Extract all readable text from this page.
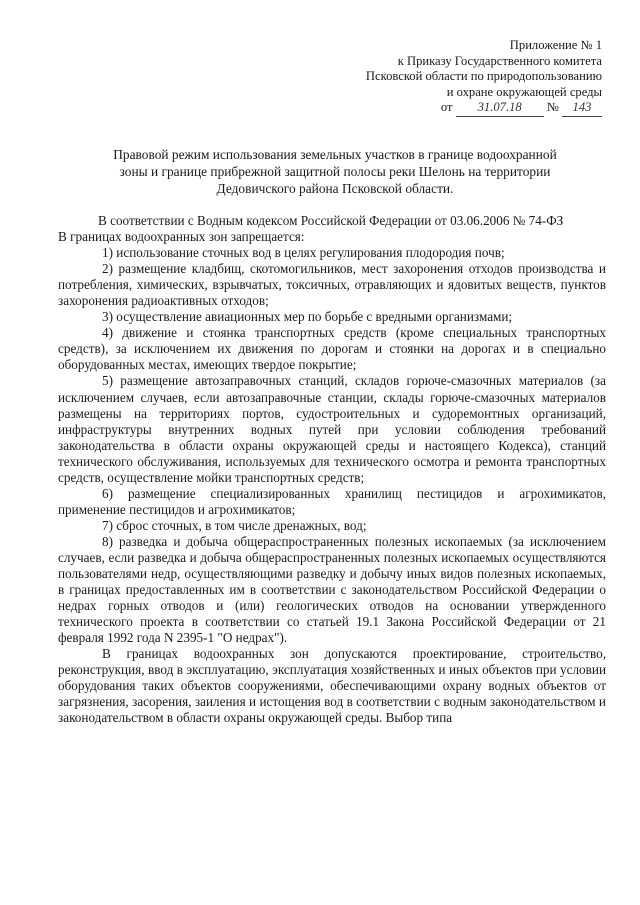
Приложение № 1
к Приказу Государственного комитета
Псковской области по природопользованию
и охране окружающей среды
от 31.07.18 № 143
Правовой режим использования земельных участков в границе водоохранной
зоны и границе прибрежной защитной полосы реки Шелонь на территории
Дедовичского района Псковской области.

В соответствии с Водным кодексом Российской Федерации от 03.06.2006 № 74-ФЗ

В границах водоохранных зон запрещается:

1) использование сточных вод в целях регулирования плодородия почв;

2) размещение кладбищ, скотомогильников, мест захоронения отходов производства и потребления, химических, взрывчатых, токсичных, отравляющих и ядовитых веществ, пунктов захоронения радиоактивных отходов;

3) осуществление авиационных мер по борьбе с вредными организмами;

4) движение и стоянка транспортных средств (кроме специальных транспортных средств), за исключением их движения по дорогам и стоянки на дорогах и в специально оборудованных местах, имеющих твердое покрытие;

5) размещение автозаправочных станций, складов горюче-смазочных материалов (за исключением случаев, если автозаправочные станции, склады горюче-смазочных материалов размещены на территориях портов, судостроительных и судоремонтных организаций, инфраструктуры внутренних водных путей при условии соблюдения требований законодательства в области охраны окружающей среды и настоящего Кодекса), станций технического обслуживания, используемых для технического осмотра и ремонта транспортных средств, осуществление мойки транспортных средств;

6) размещение специализированных хранилищ пестицидов и агрохимикатов, применение пестицидов и агрохимикатов;

7) сброс сточных, в том числе дренажных, вод;

8) разведка и добыча общераспространенных полезных ископаемых (за исключением случаев, если разведка и добыча общераспространенных полезных ископаемых осуществляются пользователями недр, осуществляющими разведку и добычу иных видов полезных ископаемых, в границах предоставленных им в соответствии с законодательством Российской Федерации о недрах горных отводов и (или) геологических отводов на основании утвержденного технического проекта в соответствии со статьей 19.1 Закона Российской Федерации от 21 февраля 1992 года N 2395-1 "О недрах").

В границах водоохранных зон допускаются проектирование, строительство, реконструкция, ввод в эксплуатацию, эксплуатация хозяйственных и иных объектов при условии оборудования таких объектов сооружениями, обеспечивающими охрану водных объектов от загрязнения, засорения, заиления и истощения вод в соответствии с водным законодательством и законодательством в области охраны окружающей среды. Выбор типа
